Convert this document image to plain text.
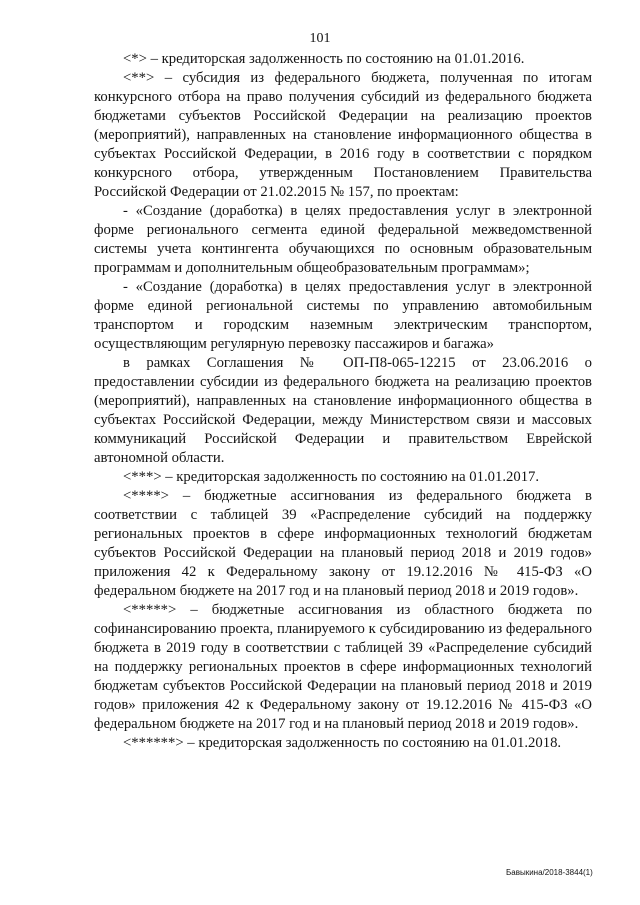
101

<*> – кредиторская задолженность по состоянию на 01.01.2016.

<**> – субсидия из федерального бюджета, полученная по итогам конкурсного отбора на право получения субсидий из федерального бюджета бюджетами субъектов Российской Федерации на реализацию проектов (мероприятий), направленных на становление информационного общества в субъектах Российской Федерации, в 2016 году в соответствии с порядком конкурсного отбора, утвержденным Постановлением Правительства Российской Федерации от 21.02.2015 № 157, по проектам:

- «Создание (доработка) в целях предоставления услуг в электронной форме регионального сегмента единой федеральной межведомственной системы учета контингента обучающихся по основным образовательным программам и дополнительным общеобразовательным программам»;

- «Создание (доработка) в целях предоставления услуг в электронной форме единой региональной системы по управлению автомобильным транспортом и городским наземным электрическим транспортом, осуществляющим регулярную перевозку пассажиров и багажа»

в рамках Соглашения № ОП-П8-065-12215 от 23.06.2016 о предоставлении субсидии из федерального бюджета на реализацию проектов (мероприятий), направленных на становление информационного общества в субъектах Российской Федерации, между Министерством связи и массовых коммуникаций Российской Федерации и правительством Еврейской автономной области.

<***> – кредиторская задолженность по состоянию на 01.01.2017.

<****> – бюджетные ассигнования из федерального бюджета в соответствии с таблицей 39 «Распределение субсидий на поддержку региональных проектов в сфере информационных технологий бюджетам субъектов Российской Федерации на плановый период 2018 и 2019 годов» приложения 42 к Федеральному закону от 19.12.2016 № 415-ФЗ «О федеральном бюджете на 2017 год и на плановый период 2018 и 2019 годов».

<*****> – бюджетные ассигнования из областного бюджета по софинансированию проекта, планируемого к субсидированию из федерального бюджета в 2019 году в соответствии с таблицей 39 «Распределение субсидий на поддержку региональных проектов в сфере информационных технологий бюджетам субъектов Российской Федерации на плановый период 2018 и 2019 годов» приложения 42 к Федеральному закону от 19.12.2016 № 415-ФЗ «О федеральном бюджете на 2017 год и на плановый период 2018 и 2019 годов».

<******> – кредиторская задолженность по состоянию на 01.01.2018.

Бавыкина/2018-3844(1)
